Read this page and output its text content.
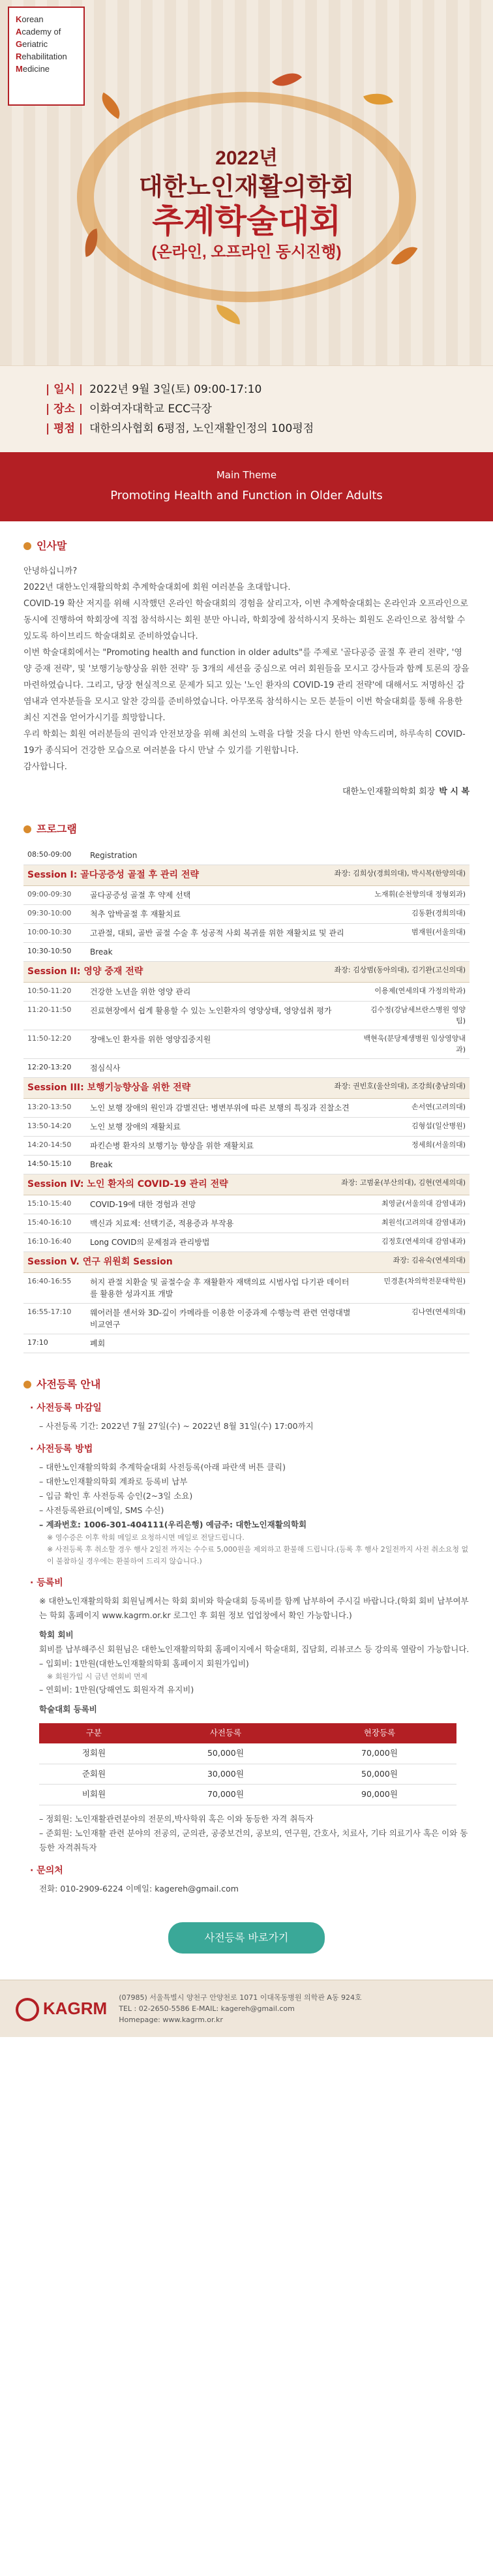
Korean

Academy of

Geriatric

Rehabilitation

Medicine

2022년
대한노인재활의학회
추계학술대회
(온라인, 오프라인 동시진행)
| 일시 | 2022년 9월 3일(토) 09:00-17:10
| 장소 | 이화여자대학교 ECC극장
| 평점 | 대한의사협회 6평점, 노인재활인정의 100평점
Main Theme
Promoting Health and Function in Older Adults
인사말

안녕하십니까?

2022년 대한노인재활의학회 추계학술대회에 회원 여러분을 초대합니다.

COVID-19 확산 저지를 위해 시작했던 온라인 학술대회의 경험을 살리고자, 이번 추계학술대회는 온라인과 오프라인으로 동시에 진행하여 학회장에 직접 참석하시는 회원 분만 아니라, 학회장에 참석하시지 못하는 회원도 온라인으로 참석할 수 있도록 하이브리드 학술대회로 준비하였습니다.

이번 학술대회에서는 "Promoting health and function in older adults"를 주제로 '골다공증 골절 후 관리 전략', '영양 증재 전략', 및 '보행기능향상을 위한 전략' 등 3개의 세션을 중심으로 여러 회원들을 모시고 강사들과 함께 토론의 장을 마련하였습니다. 그리고, 당장 현실적으로 문제가 되고 있는 '노인 환자의 COVID-19 관리 전략'에 대해서도 저명하신 감염내과 연자분들을 모시고 알찬 강의를 준비하였습니다. 아무쪼록 참석하시는 모든 분들이 이번 학술대회를 통해 유용한 최신 지견을 얻어가시기를 희망합니다.

우리 학회는 회원 여러분들의 권익과 안전보장을 위해 최선의 노력을 다할 것을 다시 한번 약속드리며, 하루속히 COVID-19가 종식되어 건강한 모습으로 여러분을 다시 만날 수 있기를 기원합니다.

감사합니다.

대한노인재활의학회 회장 박 시 복
프로그램
08:50-09:00	Registration	
Session I: 골다공증성 골절 후 관리 전략 좌장: 김희상(경희의대), 박시복(한양의대)		

09:00-09:30	골다공증성 골절 후 약제 선택	노재휘(순천향의대 정형외과)
09:30-10:00	척추 압박골절 후 재활치료	김동환(경희의대)
10:00-10:30	고관절, 대퇴, 골반 골절 수술 후 성공적 사회 복귀를 위한 재활치료 및 관리	범재원(서울의대)
10:30-10:50	Break	
Session II: 영양 중재 전략 좌장: 김상범(동아의대), 김기완(고신의대)		

10:50-11:20	건강한 노년을 위한 영양 관리	이용제(연세의대 가정의학과)
11:20-11:50	진료현장에서 쉽게 활용할 수 있는 노인환자의 영양상태, 영양섭취 평가	김수정(강남세브란스병원 영양팀)
11:50-12:20	장애노인 환자를 위한 영양집중지원	백현욱(분당제생병원 임상영양내과)
12:20-13:20	점심식사	
Session III: 보행기능향상을 위한 전략 좌장: 권빈호(울산의대), 조강희(충남의대)		

13:20-13:50	노인 보행 장애의 원인과 감별진단: 병변부위에 따른 보행의 특징과 진찰소견	손서연(고려의대)
13:50-14:20	노인 보행 장애의 재활치료	김형섭(일산병원)
14:20-14:50	파킨슨병 환자의 보행기능 향상을 위한 재활치료	정세희(서울의대)
14:50-15:10	Break	
Session IV: 노인 환자의 COVID-19 관리 전략 좌장: 고범윤(부산의대), 김현(연세의대)		

15:10-15:40	COVID-19에 대한 경험과 전망	최영균(서울의대 감염내과)
15:40-16:10	백신과 치료제: 선택기준, 적용증과 부작용	최원석(고려의대 감염내과)
16:10-16:40	Long COVID의 문제점과 관리방법	김정호(연세의대 감염내과)
Session V. 연구 위원회 Session 좌장: 김유숙(연세의대)		

16:40-16:55	허지 관절 치환술 및 골절수술 후 재활환자 재택의료 시범사업 다기관 데이터를 활용한 성과지표 개발	민경훈(차의학전문대학원)
16:55-17:10	웨어러블 센서와 3D-깊이 카메라를 이용한 이중과제 수행능력 관련 연령대별 비교연구	김나연(연세의대)
17:10	폐회	
사전등록 안내
· 사전등록 마감일
– 사전등록 기간: 2022년 7월 27일(수) ~ 2022년 8월 31일(수) 17:00까지
· 사전등록 방법
– 대한노인재활의학회 추계학술대회 사전등록(아래 파란색 버튼 클릭)
– 대한노인재활의학회 계좌로 등록비 납부
– 입금 확인 후 사전등록 승인(2~3일 소요)
– 사전등록완료(이메일, SMS 수신)
– 계좌번호: 1006-301-404111(우리은행) 예금주: 대한노인재활의학회
※ 영수증은 이후 학회 메일로 요청하시면 메일로 전달드립니다.
※ 사전등록 후 취소할 경우 행사 2일전 까지는 수수료 5,000원을 제외하고 환불해 드립니다.(등록 후 행사 2일전까지 사전 취소요청 없이 불참하실 경우에는 환불하여 드리지 않습니다.)
· 등록비
※ 대한노인재활의학회 회원님께서는 학회 회비와 학술대회 등록비를 함께 납부하여 주시길 바랍니다.(학회 회비 납부여부는 학회 홈페이지 www.kagrm.or.kr 로그인 후 회원 정보 업업창에서 확인 가능합니다.)
학회 회비
회비를 납부해주신 회원님은 대한노인재활의학회 홈페이지에서 학술대회, 집담회, 리뷰코스 등 강의록 열람이 가능합니다.
– 입회비: 1만원(대한노인재활의학회 홈페이지 회원가입비)
※ 회원가입 시 금년 연회비 면제
– 연회비: 1만원(당해연도 회원자격 유지비)
학술대회 등록비
구분	사전등록	현장등록
정회원	50,000원	70,000원
준회원	30,000원	50,000원
비회원	70,000원	90,000원
– 정회원: 노인재활관련분야의 전문의,박사학위 혹은 이와 동등한 자격 취득자
– 준회원: 노인재활 관련 분야의 전공의, 군의관, 공중보건의, 공보의, 연구원, 간호사, 치료사, 기타 의료기사 혹은 이와 동등한 자격취득자
· 문의처
전화: 010-2909-6224 이메일: kagereh@gmail.com
사전등록 바로가기
KAGRM
(07985) 서울특별시 양천구 안양천로 1071 이대목동병원 의학관 A동 924호
TEL : 02-2650-5586 E-MAIL: kagereh@gmail.com
Homepage: www.kagrm.or.kr
